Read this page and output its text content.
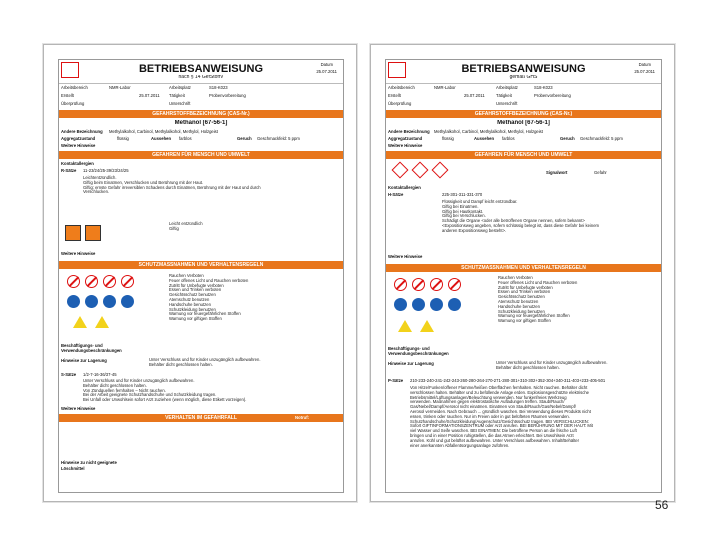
BETRIEBSANWEISUNG
nach § 14 GefStoffV
Datum
25.07.2011
Arbeitsbereich	NMR-Labor	Arbeitsplatz	S18-K023
Erstellt	25.07.2011 Tätigkeit	Probenvorbereitung
Überprüfung	Unterschrift
GEFAHRSTOFFBEZEICHNUNG (CAS-Nr.)
Methanol [67-56-1]
Andere Bezeichnung Methylalkohol, Carbinol, Methylalkohol, Methylol, Holzgeist
Aggregatzustand	flüssig	Aussehen farblos	Geruch Geschmackfeld: 5 ppm
Weitere Hinweise
GEFAHREN FÜR MENSCH UND UMWELT
Kontaktallergien
R-Sätze 11-23/24/25-39/23/24/25
Leichtentzündlich.
Giftig beim Einatmen, Verschlucken und Berührung mit der Haut.
Giftig: ernste Gefahr irreversiblen Schadens durch Einatmen, Berührung mit der Haut und durch
Verschlucken.
Leicht entzündlich
Giftig
Weitere Hinweise
SCHUTZMASSNAHMEN UND VERHALTENSREGELN
Rauchen Verboten
Feuer offenes Licht und Rauchen verboten
Zutritt für Unbefugte verboten
Essen und Trinken verboten
Gesichtsschutz benutzen
Atemschutz benutzen
Handschuhe benutzen
Schutzkleidung benutzen
Warnung vor feuergefährlichen Stoffen
Warnung vor giftigen Stoffen
Beschäftigungs- und Verwendungsbeschränkungen
Hinweise zur Lagerung	Unter Verschluss und für Kinder unzugänglich aufbewahren.
Behälter dicht geschlossen halten.
S-Sätze 1/2-7-16-36/37-45
Unter Verschluss und für Kinder unzugänglich aufbewahren.
Behälter dicht geschlossen halten.
Von Zündquellen fernhalten – Nicht rauchen.
Bei der Arbeit geeignete Schutzhandschuhe und Schutzkleidung tragen.
Bei Unfall oder Unwohlsein sofort Arzt zuziehen (wenn möglich, diese Etikett vorzeigen).
Weitere Hinweise
VERHALTEN IM GEFAHRFALL	Notruf:
Hinweise zu nicht geeignete
Löschmittel
BETRIEBSANWEISUNG
gemäß GHS
Datum
25.07.2011
Arbeitsbereich	NMR-Labor	Arbeitsplatz	S18-K023
Erstellt	25.07.2011	Tätigkeit	Probenvorbereitung
Überprüfung	Unterschrift
GEFAHRSTOFFBEZEICHNUNG (CAS-Nr.)
Methanol [67-56-1]
Andere Bezeichnung Methylalkohol, Carbinol, Methylalkohol, Methylol, Holzgeist
Aggregatzustand	flüssig	Aussehen farblos	Geruch Geschmackfeld: 5 ppm
Weitere Hinweise
GEFAHREN FÜR MENSCH UND UMWELT
Signalwort	Gefahr
Kontaktallergien
H-Sätze	225-301-311-331-370
Flüssigkeit und Dampf leicht entzündbar.
Giftig bei Einatmen.
Giftig bei Hautkontakt.
Giftig bei Verschlucken.
Schädigt die Organe <oder alle betroffenen Organe nennen, sofern bekannt>
<Expositionsweg angeben, sofern schlüssig belegt ist, dass diese Gefahr bei keinem
anderen Expositionsweg besteht>.
Weitere Hinweise
SCHUTZMASSNAHMEN UND VERHALTENSREGELN
Rauchen Verboten
Feuer offenes Licht und Rauchen verboten
Zutritt für Unbefugte verboten
Essen und Trinken verboten
Gesichtsschutz benutzen
Atemschutz benutzen
Handschuhe benutzen
Schutzkleidung benutzen
Warnung vor feuergefährlichen Stoffen
Warnung vor giftigen Stoffen
Beschäftigungs- und Verwendungsbeschränkungen
Hinweise zur Lagerung	Unter Verschluss und für Kinder unzugänglich aufbewahren.
Behälter dicht geschlossen halten.
P-Sätze 210-233-240-241-242-243-260-280-264-270-271-280-301+310-302+352-304+340-311-403+233-405-501
Von Hitze/Funken/offener Flamme/heißen Oberflächen fernhalten. Nicht rauchen. Behälter dicht
verschlossen halten. Behälter und zu befüllende Anlage erden. Explosionsgeschützte elektrische
Betriebsmittel/Lüftungsanlagen/Beleuchtung verwenden. Nur funkenfreies Werkzeug
verwenden. Maßnahmen gegen elektrostatische Aufladungen treffen. Staub/Rauch/
Gas/Nebel/Dampf/Aerosol nicht einatmen. Einatmen von Staub/Rauch/Gas/Nebel/Dampf/
Aerosol vermeiden. Nach Gebrauch ... gründlich waschen. Bei Verwendung dieses Produkts nicht
essen, trinken oder rauchen. Nur im Freien oder in gut belüfteten Räumen verwenden.
Schutzhandschuhe/Schutzkleidung/Augenschutz/Gesichtsschutz tragen. BEI VERSCHLUCKEN:
Sofort GIFTINFORMATIONSZENTRUM oder Arzt anrufen. BEI BERÜHRUNG MIT DER HAUT: Mit
viel Wasser und Seife waschen. BEI EINATMEN: Die betroffene Person an die frische Luft
bringen und in einer Position ruhigstellen, die das Atmen erleichtert. Bei Unwohlsein Arzt
anrufen. Kühl und gut belüftet aufbewahren. Unter Verschluss aufbewahren. Inhalt/Behälter
einer anerkannten Abfallentsorgungsanlage zuführen.
56
